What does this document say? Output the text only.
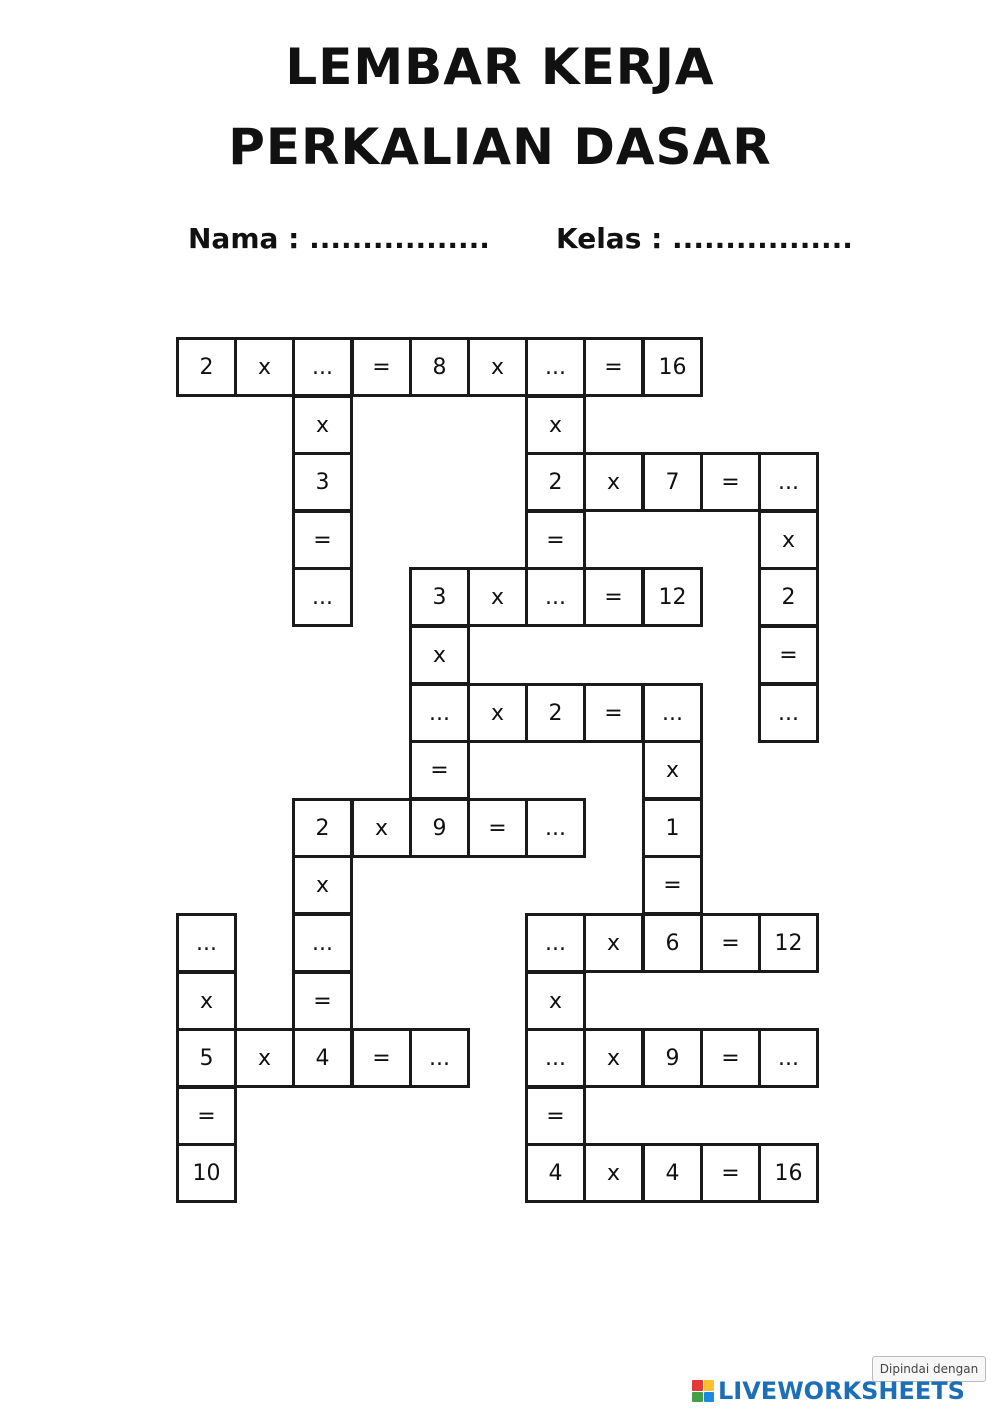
LEMBAR KERJA
PERKALIAN DASAR
Nama : ................. Kelas : .................
2	x	...	=	8	x	...	=	16
x
3
=
...
x
2	x	7	=	...
=	x
2
=
...
3	x	...	=	12
x
...	x	2	=	...
=	x
1
=
2	x	9	=	...
x
...
=
...
x
5	x	4	=	...
=
10
...	x	6	=	12
x
...	x	9	=	...
=
4	x	4	=	16
Dipindai dengan
LIVEWORKSHEETS
